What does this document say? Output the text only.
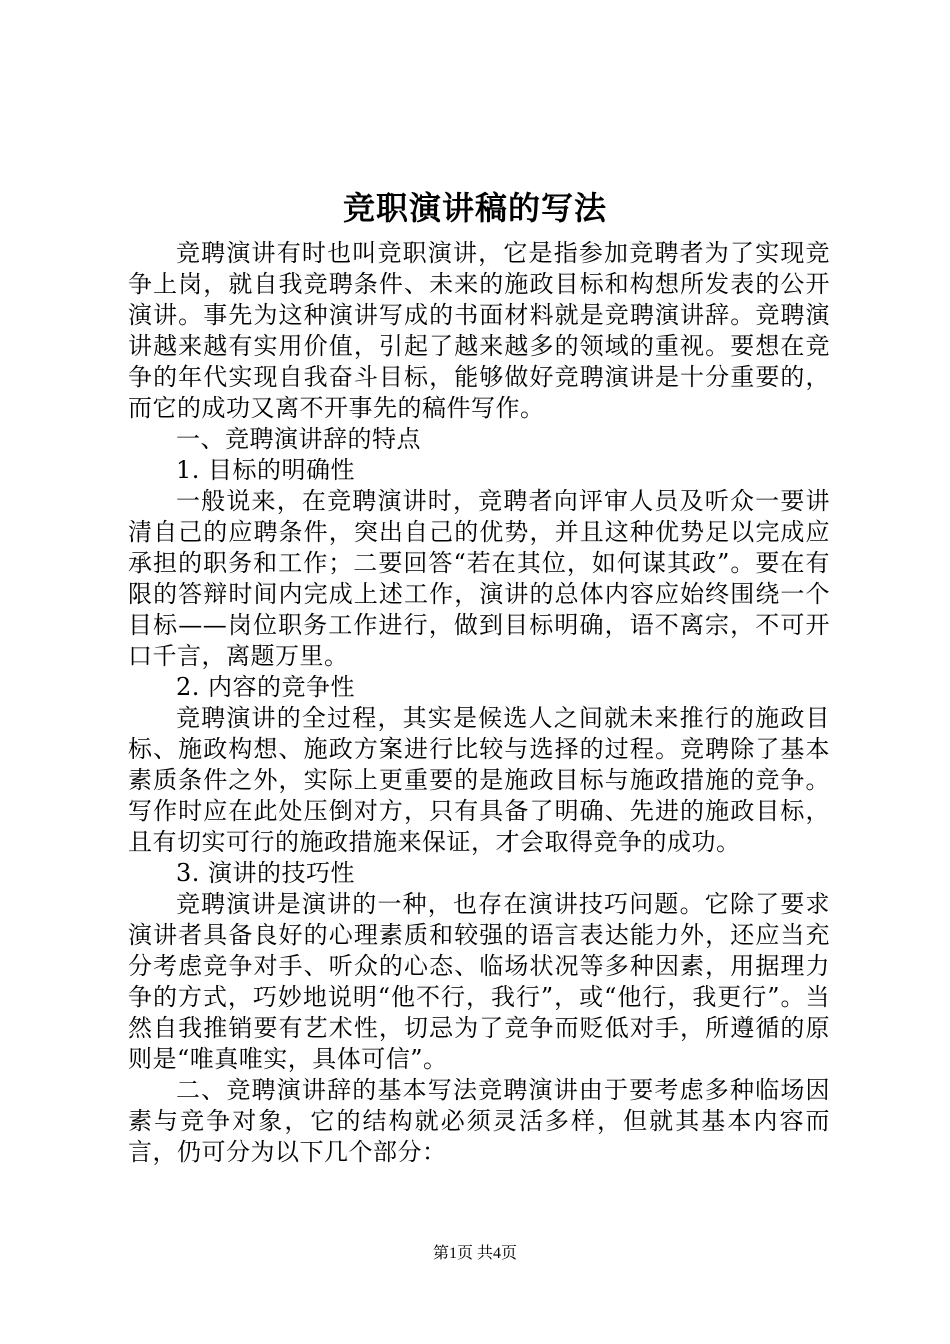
竞职演讲稿的写法

竞聘演讲有时也叫竞职演讲，它是指参加竞聘者为了实现竞争上岗，就自我竞聘条件、未来的施政目标和构想所发表的公开演讲。事先为这种演讲写成的书面材料就是竞聘演讲辞。竞聘演讲越来越有实用价值，引起了越来越多的领域的重视。要想在竞争的年代实现自我奋斗目标，能够做好竞聘演讲是十分重要的，而它的成功又离不开事先的稿件写作。

一、竞聘演讲辞的特点

1. 目标的明确性

一般说来，在竞聘演讲时，竞聘者向评审人员及听众一要讲清自己的应聘条件，突出自己的优势，并且这种优势足以完成应承担的职务和工作；二要回答“若在其位，如何谋其政”。要在有限的答辩时间内完成上述工作，演讲的总体内容应始终围绕一个目标——岗位职务工作进行，做到目标明确，语不离宗，不可开口千言，离题万里。

2. 内容的竞争性

竞聘演讲的全过程，其实是候选人之间就未来推行的施政目标、施政构想、施政方案进行比较与选择的过程。竞聘除了基本素质条件之外，实际上更重要的是施政目标与施政措施的竞争。写作时应在此处压倒对方，只有具备了明确、先进的施政目标，且有切实可行的施政措施来保证，才会取得竞争的成功。

3. 演讲的技巧性

竞聘演讲是演讲的一种，也存在演讲技巧问题。它除了要求演讲者具备良好的心理素质和较强的语言表达能力外，还应当充分考虑竞争对手、听众的心态、临场状况等多种因素，用据理力争的方式，巧妙地说明“他不行，我行”，或“他行，我更行”。当然自我推销要有艺术性，切忌为了竞争而贬低对手，所遵循的原则是“唯真唯实，具体可信”。

二、竞聘演讲辞的基本写法竞聘演讲由于要考虑多种临场因素与竞争对象，它的结构就必须灵活多样，但就其基本内容而言，仍可分为以下几个部分：

第1页 共4页
